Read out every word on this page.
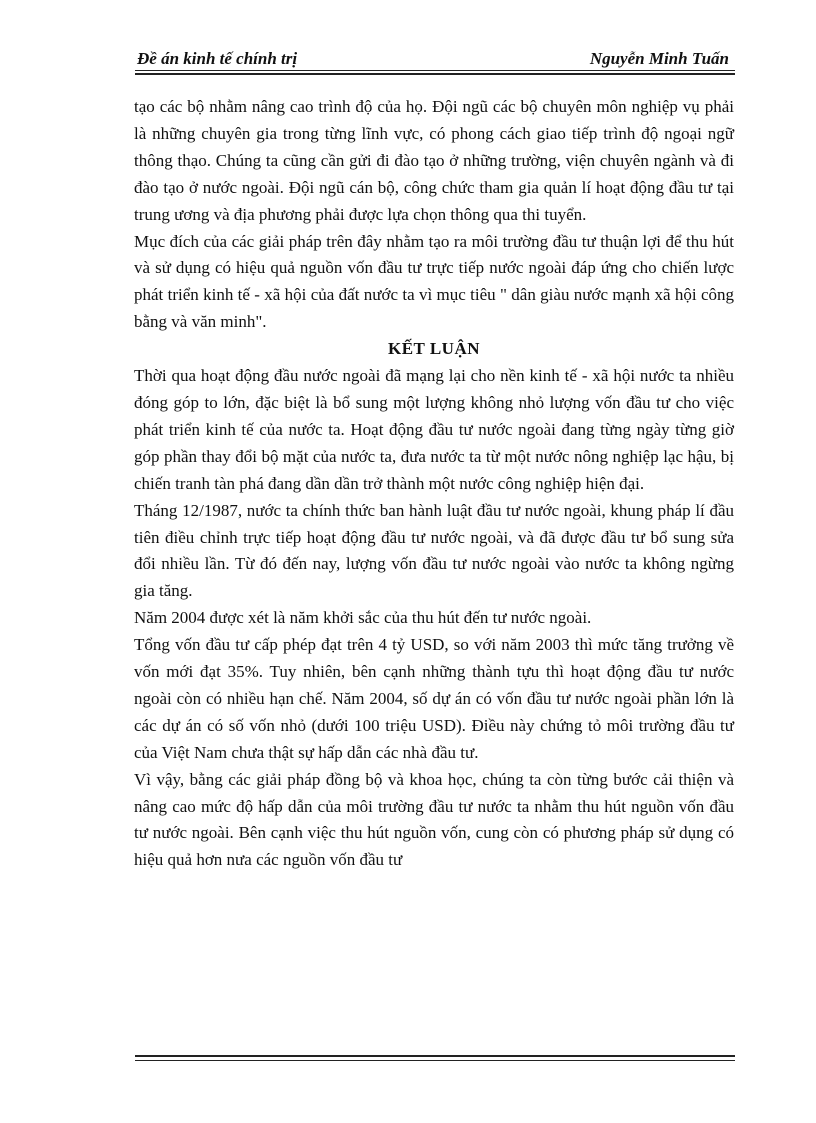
Đề án kinh tế chính trị	Nguyễn Minh Tuấn

tạo các bộ nhằm nâng cao trình độ của họ. Đội ngũ các bộ chuyên môn nghiệp vụ phải là những chuyên gia trong từng lĩnh vực, có phong cách giao tiếp trình độ ngoại ngữ thông thạo. Chúng ta cũng cần gửi đi đào tạo ở những trường, viện chuyên ngành và đi đào tạo ở nước ngoài. Đội ngũ cán bộ, công chức tham gia quản lí hoạt động đầu tư tại trung ương và địa phương phải được lựa chọn thông qua thi tuyển.

Mục đích của các giải pháp trên đây nhằm tạo ra môi trường đầu tư thuận lợi để thu hút và sử dụng có hiệu quả nguồn vốn đầu tư trực tiếp nước ngoài đáp ứng cho chiến lược phát triển kinh tế - xã hội của đất nước ta vì mục tiêu " dân giàu nước mạnh xã hội công bằng và văn minh".

KẾT LUẬN

Thời qua hoạt động đầu nước ngoài đã mạng lại cho nền kinh tế - xã hội nước ta nhiều đóng góp to lớn, đặc biệt là bổ sung một lượng không nhỏ lượng vốn đầu tư cho việc phát triển kinh tế của nước ta. Hoạt động đầu tư nước ngoài đang từng ngày từng giờ góp phần thay đổi bộ mặt của nước ta, đưa nước ta từ một nước nông nghiệp lạc hậu, bị chiến tranh tàn phá đang dần dần trở thành một nước công nghiệp hiện đại.

Tháng 12/1987, nước ta chính thức ban hành luật đầu tư nước ngoài, khung pháp lí đầu tiên điều chỉnh trực tiếp hoạt động đầu tư nước ngoài, và đã được đầu tư bổ sung sửa đổi nhiều lần. Từ đó đến nay, lượng vốn đầu tư nước ngoài vào nước ta không ngừng gia tăng.

Năm 2004 được xét là năm khởi sắc của thu hút đến tư nước ngoài.

Tổng vốn đầu tư cấp phép đạt trên 4 tỷ USD, so với năm 2003 thì mức tăng trưởng về vốn mới đạt 35%. Tuy nhiên, bên cạnh những thành tựu thì hoạt động đầu tư nước ngoài còn có nhiều hạn chế. Năm 2004, số dự án có vốn đầu tư nước ngoài phần lớn là các dự án có số vốn nhỏ (dưới 100 triệu USD). Điều này chứng tỏ môi trường đầu tư của Việt Nam chưa thật sự hấp dẫn các nhà đầu tư.

Vì vậy, bằng các giải pháp đồng bộ và khoa học, chúng ta còn từng bước cải thiện và nâng cao mức độ hấp dẫn của môi trường đầu tư nước ta nhằm thu hút nguồn vốn đầu tư nước ngoài. Bên cạnh việc thu hút nguồn vốn, cung còn có phương pháp sử dụng có hiệu quả hơn nưa các nguồn vốn đầu tư
